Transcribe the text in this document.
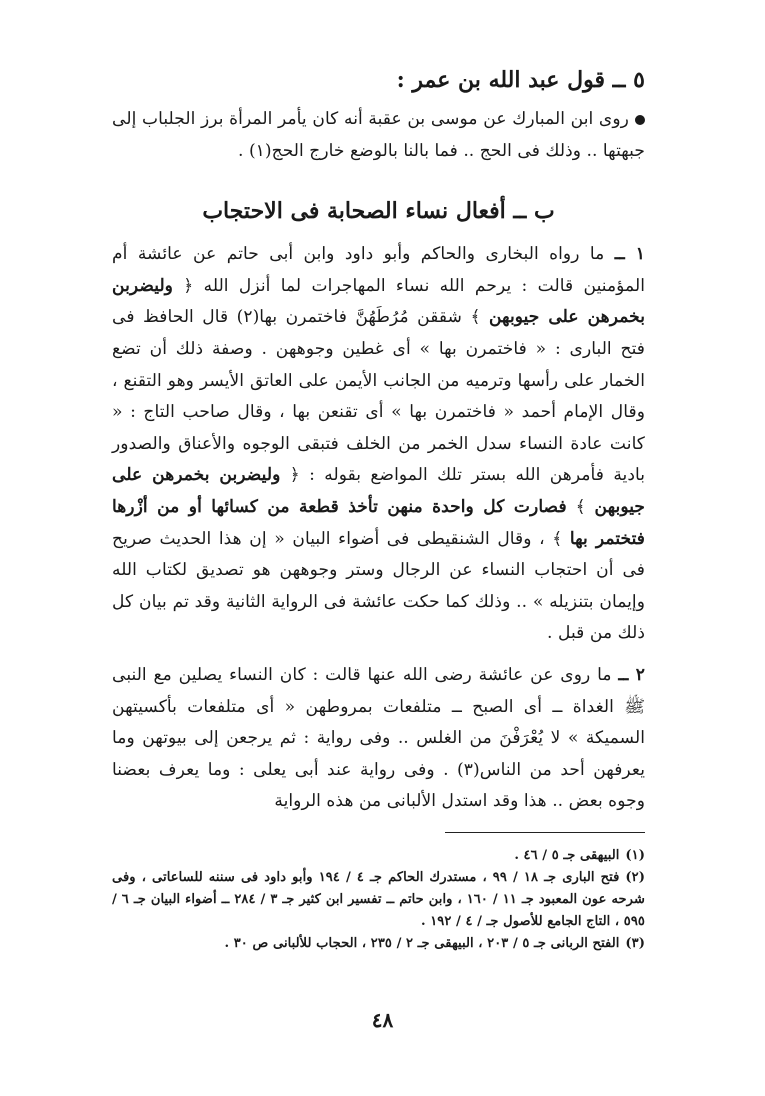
٥ ــ قول عبد الله بن عمر :

روى ابن المبارك عن موسى بن عقبة أنه كان يأمر المرأة برز الجلباب إلى جبهتها .. وذلك فى الحج .. فما بالنا بالوضع خارج الحج(١) .

ب ــ أفعال نساء الصحابة فى الاحتجاب

١ ــ ما رواه البخارى والحاكم وأبو داود وابن أبى حاتم عن عائشة أم المؤمنين قالت : يرحم الله نساء المهاجرات لما أنزل الله ﴿ وليضربن بخمرهن على جيوبهن ﴾ شققن مُرُطَهُنَّ فاختمرن بها(٢) قال الحافظ فى فتح البارى : « فاختمرن بها » أى غطين وجوههن . وصفة ذلك أن تضع الخمار على رأسها وترميه من الجانب الأيمن على العاتق الأيسر وهو التقنع ، وقال الإمام أحمد « فاختمرن بها » أى تقنعن بها ، وقال صاحب التاج : « كانت عادة النساء سدل الخمر من الخلف فتبقى الوجوه والأعناق والصدور بادية فأمرهن الله بستر تلك المواضع بقوله : ﴿ وليضربن بخمرهن على جيوبهن ﴾ فصارت كل واحدة منهن تأخذ قطعة من كسائها أو من أزْرها فتختمر بها ﴾ ، وقال الشنقيطى فى أضواء البيان « إن هذا الحديث صريح فى أن احتجاب النساء عن الرجال وستر وجوههن هو تصديق لكتاب الله وإيمان بتنزيله » .. وذلك كما حكت عائشة فى الرواية الثانية وقد تم بيان كل ذلك من قبل .

٢ ــ ما روى عن عائشة رضى الله عنها قالت : كان النساء يصلين مع النبى ﷺ الغداة ــ أى الصبح ــ متلفعات بمروطهن « أى متلفعات بأكسيتهن السميكة » لا يُعْرَفْنَ من الغلس .. وفى رواية : ثم يرجعن إلى بيوتهن وما يعرفهن أحد من الناس(٣) . وفى رواية عند أبى يعلى : وما يعرف بعضنا وجوه بعض .. هذا وقد استدل الألبانى من هذه الرواية

(١)البيهقى جـ ٥ / ٤٦ .

(٢)فتح البارى جـ ١٨ / ٩٩ ، مستدرك الحاكم جـ ٤ / ١٩٤ وأبو داود فى سننه للساعاتى ، وفى شرحه عون المعبود جـ ١١ / ١٦٠ ، وابن حاتم ــ تفسير ابن كثير جـ ٣ / ٢٨٤ ــ أضواء البيان جـ ٦ / ٥٩٥ ، التاج الجامع للأصول جـ / ٤ / ١٩٢ .

(٣)الفتح الربانى جـ ٥ / ٢٠٣ ، البيهقى جـ ٢ / ٢٣٥ ، الحجاب للألبانى ص ٣٠ .

٤٨
